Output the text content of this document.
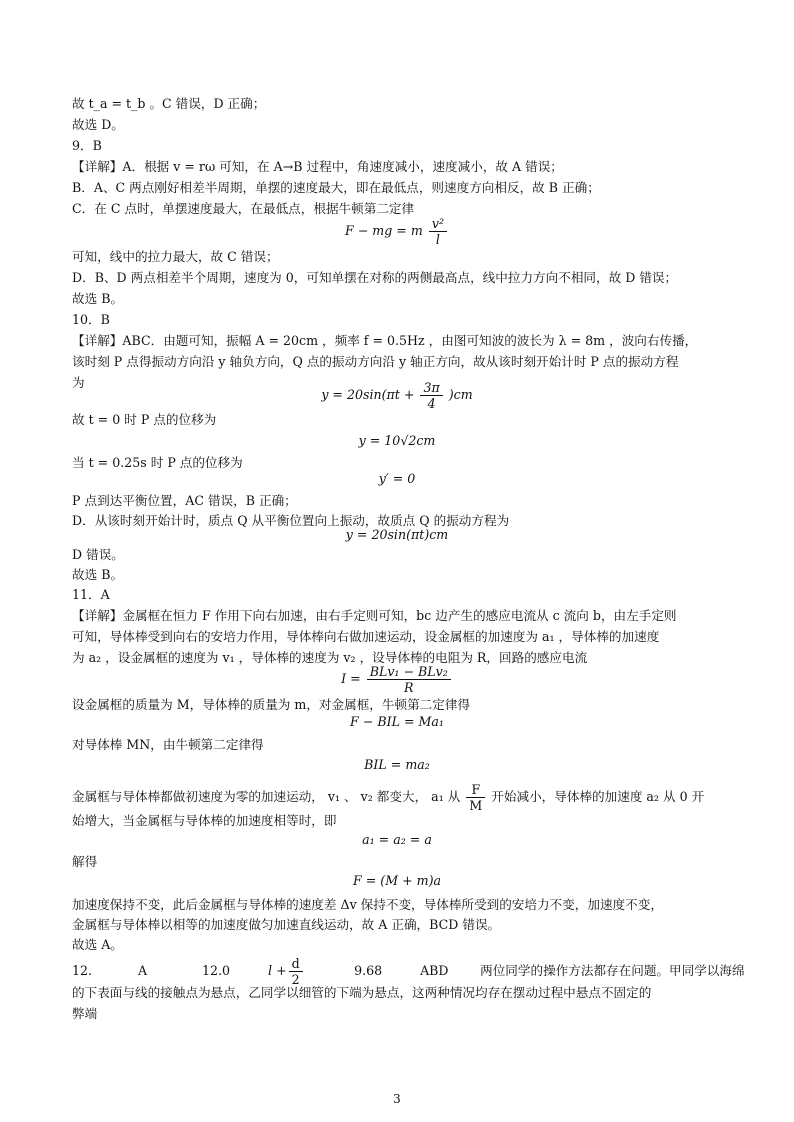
故 t_a = t_b 。C 错误，D 正确；
故选 D。
9．B
【详解】A．根据 v = rω 可知，在 A→B 过程中，角速度减小，速度减小，故 A 错误；
B．A、C 两点刚好相差半周期，单摆的速度最大，即在最低点，则速度方向相反，故 B 正确；
C．在 C 点时，单摆速度最大，在最低点，根据牛顿第二定律
F − mg = m $\frac{\text{v²}}{l}$
可知，线中的拉力最大，故 C 错误；
D．B、D 两点相差半个周期，速度为 0，可知单摆在对称的两侧最高点，线中拉力方向不相同，故 D 错误；
故选 B。
10．B
【详解】ABC．由题可知，振幅 A = 20cm ，频率 f = 0.5Hz ，由图可知波的波长为 λ = 8m ，波向右传播，
该时刻 P 点得振动方向沿 y 轴负方向，Q 点的振动方向沿 y 轴正方向，故从该时刻开始计时 P 点的振动方程
为
$y = 20\sin(\pi t + \frac{3\pi}{4} )cm$
故 t = 0 时 P 点的位移为
y = 10√2cm
当 t = 0.25s 时 P 点的位移为
y′ = 0
P 点到达平衡位置，AC 错误，B 正确；
D．从该时刻开始计时，质点 Q 从平衡位置向上振动，故质点 Q 的振动方程为
y = 20sin(πt)cm
D 错误。
故选 B。
11．A
【详解】金属框在恒力 F 作用下向右加速，由右手定则可知，bc 边产生的感应电流从 c 流向 b，由左手定则
可知，导体棒受到向右的安培力作用，导体棒向右做加速运动，设金属框的加速度为 a₁ ，导体棒的加速度
为 a₂ ，设金属框的速度为 v₁ ，导体棒的速度为 v₂ ，设导体棒的电阻为 R，回路的感应电流
$I = \frac{\text{BLv₁ − BLv₂}}{R}$
设金属框的质量为 M，导体棒的质量为 m，对金属框，牛顿第二定律得
F − BIL = Ma₁
对导体棒 MN，由牛顿第二定律得
BIL = ma₂
金属框与导体棒都做初速度为零的加速运动， v₁ 、 v₂ 都变大， a₁ 从 $\frac{F}{M}$ 开始减小，导体棒的加速度 a₂ 从 0 开
始增大，当金属框与导体棒的加速度相等时，即
a₁ = a₂ = a
解得
F = (M + m)a
加速度保持不变，此后金属框与导体棒的速度差 Δv 保持不变，导体棒所受到的安培力不变，加速度不变，
金属框与导体棒以相等的加速度做匀加速直线运动，故 A 正确，BCD 错误。
故选 A。
12.	A	12.0	$l + \frac{d}{2}$	9.68	ABD	两位同学的操作方法都存在问题。甲同学以海绵
的下表面与线的接触点为悬点，乙同学以细管的下端为悬点，这两种情况均存在摆动过程中悬点不固定的
弊端
3
